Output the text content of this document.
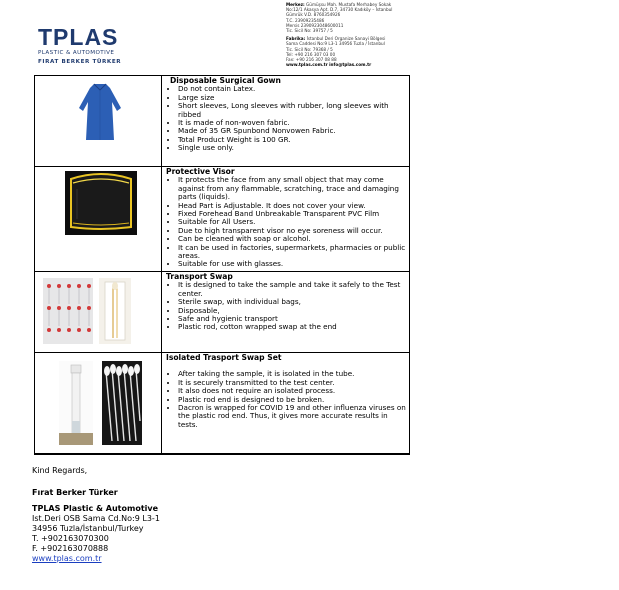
TPLAS
PLASTIC & AUTOMOTIVE
FIRAT BERKER TÜRKER
Merkez: Gümüşsu Mah. Mustafa Merhabey Sokak
No:12/1 Akasya Apt. D.7, 34730 Kadıköy – İstanbul
Gümrük V.D. 8760354926
T.C. 23909235486
Mersis 2390923048600011
Tic. Sicil No: 39757 / 5
Fabrika: İstanbul Deri Organize Sanayi Bölgesi
Sama Caddesi No:9 L3-1 34956 Tuzla / İstanbul
Tic. Sicil No: 79368 / 5
Tel: +90 216 307 03 00
Fax: +90 216 307 08 88
www.tplas.com.tr info@tplas.com.tr
Disposable Surgical Gown
• Do not contain Latex.
• Large size
• Short sleeves, Long sleeves with rubber, long sleeves with ribbed
• It is made of non-woven fabric.
• Made of 35 GR Spunbond Nonvowen Fabric.
• Total Product Weight is 100 GR.
• Single use only.
Protective Visor
• It protects the face from any small object that may come against from any flammable, scratching, trace and damaging parts (liquids).
• Head Part is Adjustable. It does not cover your view.
• Fixed Forehead Band Unbreakable Transparent PVC Film
• Suitable for All Users.
• Due to high transparent visor no eye soreness will occur.
• Can be cleaned with soap or alcohol.
• It can be used in factories, supermarkets, pharmacies or public areas.
• Suitable for use with glasses.
Transport Swap
• It is designed to take the sample and take it safely to the Test center.
• Sterile swap, with individual bags,
• Disposable,
• Safe and hygienic transport
• Plastic rod, cotton wrapped swap at the end
Isolated Trasport Swap Set
• After taking the sample, it is isolated in the tube.
• It is securely transmitted to the test center.
• It also does not require an isolated process.
• Plastic rod end is designed to be broken.
• Dacron is wrapped for COVID 19 and other influenza viruses on the plastic rod end. Thus, it gives more accurate results in tests.
Kind Regards,
Fırat Berker Türker
TPLAS Plastic & Automotive
Ist.Deri OSB Sama Cd.No:9 L3-1
34956 Tuzla/İstanbul/Turkey
T. +902163070300
F. +902163070888
www.tplas.com.tr
